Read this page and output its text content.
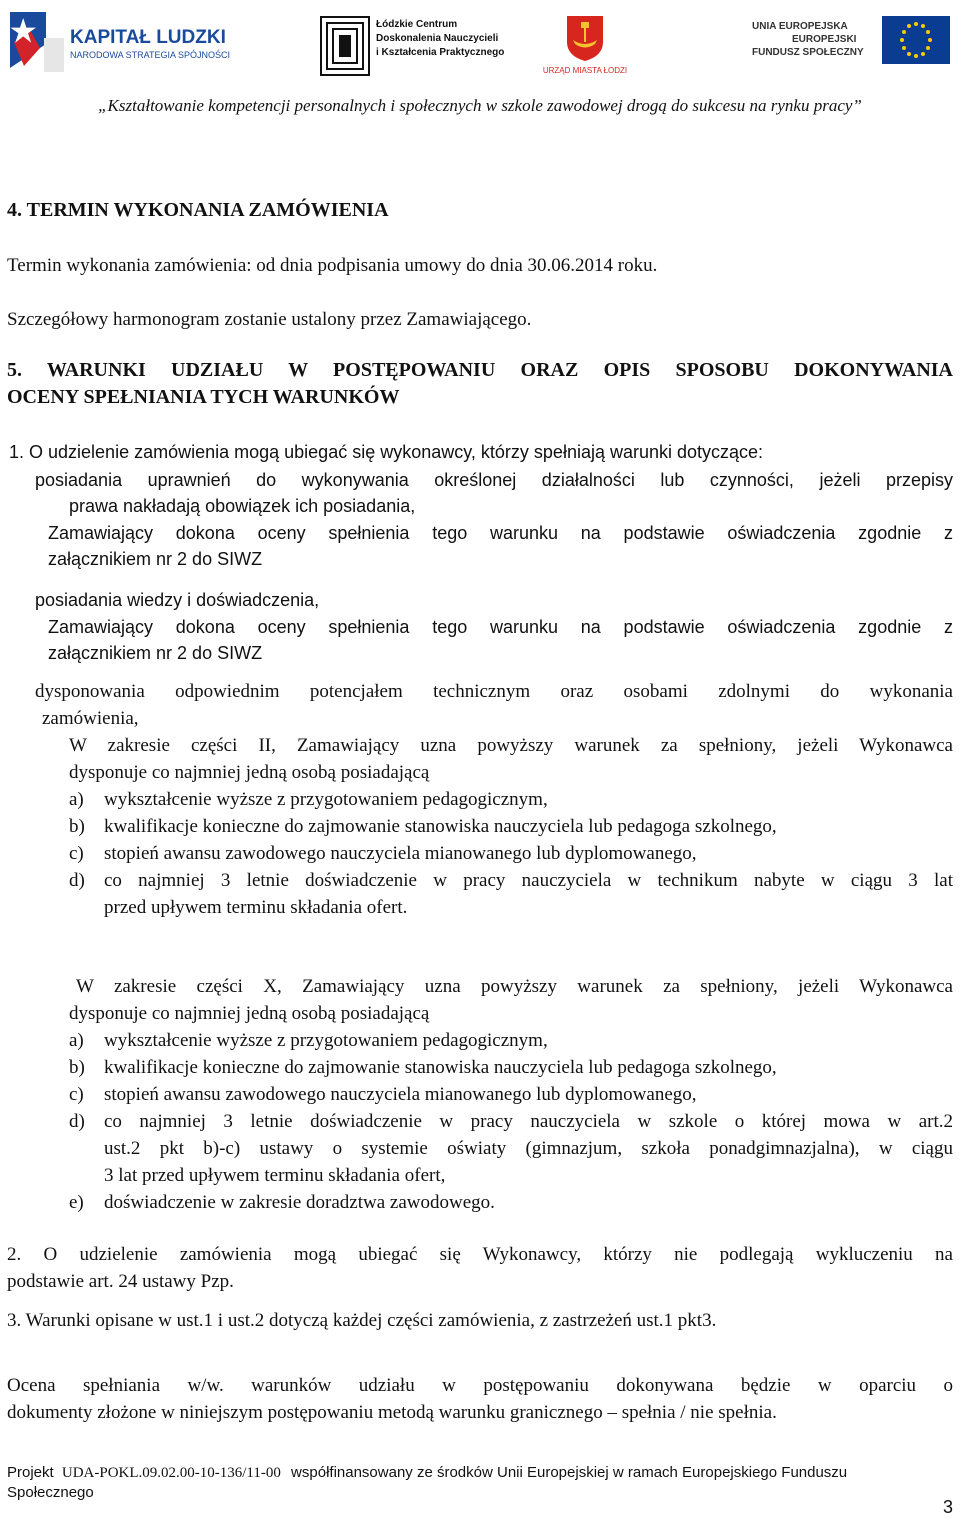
KAPITAŁ LUDZKI
NARODOWA STRATEGIA SPÓJNOŚCI
Łódzkie Centrum
Doskonalenia Nauczycieli
i Kształcenia Praktycznego
URZĄD MIASTA ŁODZI
UNIA EUROPEJSKA
EUROPEJSKI
FUNDUSZ SPOŁECZNY
„Kształtowanie kompetencji personalnych i społecznych w szkole zawodowej drogą do sukcesu na rynku pracy”
4. TERMIN WYKONANIA ZAMÓWIENIA
Termin wykonania zamówienia: od dnia podpisania umowy do dnia 30.06.2014 roku.
Szczegółowy harmonogram zostanie ustalony przez Zamawiającego.
5. WARUNKI UDZIAŁU W POSTĘPOWANIU ORAZ OPIS SPOSOBU DOKONYWANIA
OCENY SPEŁNIANIA TYCH WARUNKÓW
1. O udzielenie zamówienia mogą ubiegać się wykonawcy, którzy spełniają warunki dotyczące:
posiadania uprawnień do wykonywania określonej działalności lub czynności, jeżeli przepisy
prawa nakładają obowiązek ich posiadania,
Zamawiający dokona oceny spełnienia tego warunku na podstawie oświadczenia zgodnie z
załącznikiem nr 2 do SIWZ
posiadania wiedzy i doświadczenia,
Zamawiający dokona oceny spełnienia tego warunku na podstawie oświadczenia zgodnie z
załącznikiem nr 2 do SIWZ
dysponowania odpowiednim potencjałem technicznym oraz osobami zdolnymi do wykonania
zamówienia,
W zakresie części II, Zamawiający uzna powyższy warunek za spełniony, jeżeli Wykonawca
dysponuje co najmniej jedną osobą posiadającą
a) wykształcenie wyższe z przygotowaniem pedagogicznym,
b) kwalifikacje konieczne do zajmowanie stanowiska nauczyciela lub pedagoga szkolnego,
c) stopień awansu zawodowego nauczyciela mianowanego lub dyplomowanego,
d) co najmniej 3 letnie doświadczenie w pracy nauczyciela w technikum nabyte w ciągu 3 lat
przed upływem terminu składania ofert.
W zakresie części X, Zamawiający uzna powyższy warunek za spełniony, jeżeli Wykonawca
dysponuje co najmniej jedną osobą posiadającą
a) wykształcenie wyższe z przygotowaniem pedagogicznym,
b) kwalifikacje konieczne do zajmowanie stanowiska nauczyciela lub pedagoga szkolnego,
c) stopień awansu zawodowego nauczyciela mianowanego lub dyplomowanego,
d) co najmniej 3 letnie doświadczenie w pracy nauczyciela w szkole o której mowa w art.2
ust.2 pkt b)-c) ustawy o systemie oświaty (gimnazjum, szkoła ponadgimnazjalna), w ciągu
3 lat przed upływem terminu składania ofert,
e) doświadczenie w zakresie doradztwa zawodowego.
2. O udzielenie zamówienia mogą ubiegać się Wykonawcy, którzy nie podlegają wykluczeniu na
podstawie art. 24 ustawy Pzp.
3. Warunki opisane w ust.1 i ust.2 dotyczą każdej części zamówienia, z zastrzeżeń ust.1 pkt3.
Ocena spełniania w/w. warunków udziału w postępowaniu dokonywana będzie w oparciu o
dokumenty złożone w niniejszym postępowaniu metodą warunku granicznego – spełnia / nie spełnia.
Projekt UDA-POKL.09.02.00-10-136/11-00 współfinansowany ze środków Unii Europejskiej w ramach Europejskiego Funduszu
Społecznego
3
